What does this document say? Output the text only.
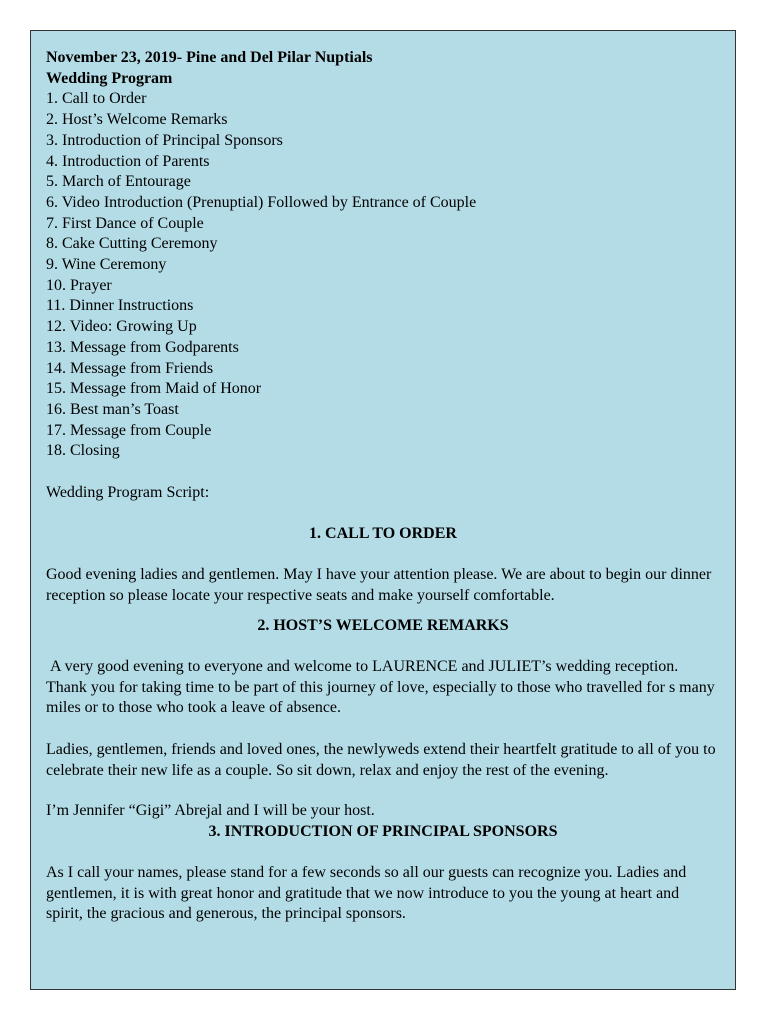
November 23, 2019- Pine and Del Pilar Nuptials
Wedding Program
1. Call to Order
2. Host’s Welcome Remarks
3. Introduction of Principal Sponsors
4. Introduction of Parents
5. March of Entourage
6. Video Introduction (Prenuptial) Followed by Entrance of Couple
7. First Dance of Couple
8. Cake Cutting Ceremony
9. Wine Ceremony
10. Prayer
11. Dinner Instructions
12. Video: Growing Up
13. Message from Godparents
14. Message from Friends
15. Message from Maid of Honor
16. Best man’s Toast
17. Message from Couple
18. Closing
Wedding Program Script:
1. CALL TO ORDER

Good evening ladies and gentlemen. May I have your attention please. We are about to begin our dinner reception so please locate your respective seats and make yourself comfortable.

2. HOST’S WELCOME REMARKS

A very good evening to everyone and welcome to LAURENCE and JULIET’s wedding reception.  Thank you for taking time to be part of this journey of love, especially to those who travelled for s many miles or to those who took a leave of absence.

Ladies, gentlemen, friends and loved ones, the newlyweds extend their heartfelt gratitude to all of you to celebrate their new life as a couple. So sit down, relax and enjoy the rest of the evening.

I’m Jennifer “Gigi” Abrejal and I will be your host.

3. INTRODUCTION OF PRINCIPAL SPONSORS

As I call your names, please stand for a few seconds so all our guests can recognize you. Ladies and gentlemen, it is with great honor and gratitude that we now introduce to you the young at heart and spirit, the gracious and generous, the principal sponsors.
